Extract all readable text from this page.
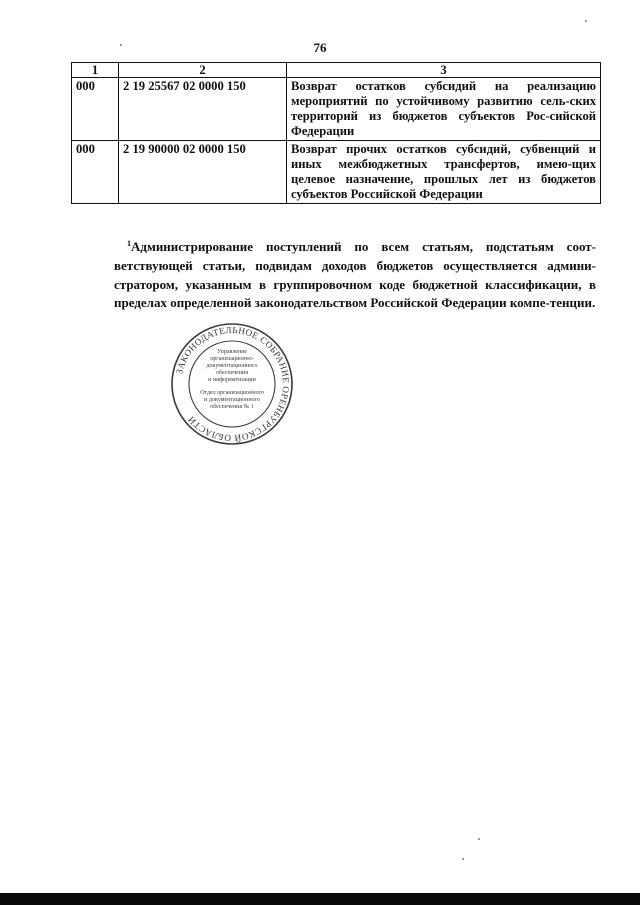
76
1	2	3
000	2 19 25567 02 0000 150	Возврат остатков субсидий на реализацию мероприятий по устойчивому развитию сель-ских территорий из бюджетов субъектов Рос-сийской Федерации
000	2 19 90000 02 0000 150	Возврат прочих остатков субсидий, субвенций и иных межбюджетных трансфертов, имею-щих целевое назначение, прошлых лет из бюджетов субъектов Российской Федерации

$^1$Администрирование поступлений по всем статьям, подстатьям соот-ветствующей статьи, подвидам доходов бюджетов осуществляется админи-стратором, указанным в группировочном коде бюджетной классификации, в пределах определенной законодательством Российской Федерации компе-тенции.

ЗАКОНОДАТЕЛЬНОЕ СОБРАНИЕ ОРЕНБУРГСКОЙ ОБЛАСТИ
Управление
организационно-
документационного
обеспечения
и информатизации
Отдел организационного
и документационного
обеспечения № 1
